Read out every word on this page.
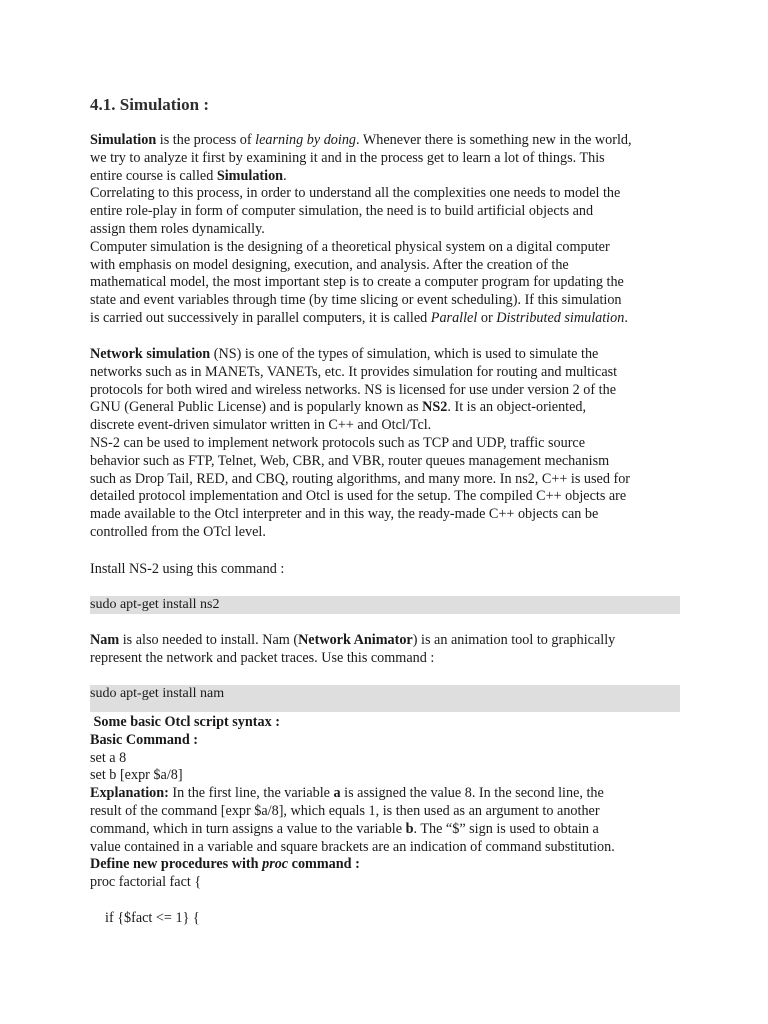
4.1. Simulation :
Simulation is the process of learning by doing. Whenever there is something new in the world,
we try to analyze it first by examining it and in the process get to learn a lot of things. This
entire course is called Simulation.
Correlating to this process, in order to understand all the complexities one needs to model the
entire role-play in form of computer simulation, the need is to build artificial objects and
assign them roles dynamically.
Computer simulation is the designing of a theoretical physical system on a digital computer
with emphasis on model designing, execution, and analysis. After the creation of the
mathematical model, the most important step is to create a computer program for updating the
state and event variables through time (by time slicing or event scheduling). If this simulation
is carried out successively in parallel computers, it is called Parallel or Distributed simulation.
Network simulation (NS) is one of the types of simulation, which is used to simulate the
networks such as in MANETs, VANETs, etc. It provides simulation for routing and multicast
protocols for both wired and wireless networks. NS is licensed for use under version 2 of the
GNU (General Public License) and is popularly known as NS2. It is an object-oriented,
discrete event-driven simulator written in C++ and Otcl/Tcl.
NS-2 can be used to implement network protocols such as TCP and UDP, traffic source
behavior such as FTP, Telnet, Web, CBR, and VBR, router queues management mechanism
such as Drop Tail, RED, and CBQ, routing algorithms, and many more. In ns2, C++ is used for
detailed protocol implementation and Otcl is used for the setup. The compiled C++ objects are
made available to the Otcl interpreter and in this way, the ready-made C++ objects can be
controlled from the OTcl level.
Install NS-2 using this command :
sudo apt-get install ns2
Nam is also needed to install. Nam (Network Animator) is an animation tool to graphically
represent the network and packet traces. Use this command :
sudo apt-get install nam
Some basic Otcl script syntax :
Basic Command :
set a 8
set b [expr $a/8]
Explanation: In the first line, the variable a is assigned the value 8. In the second line, the
result of the command [expr $a/8], which equals 1, is then used as an argument to another
command, which in turn assigns a value to the variable b. The “$” sign is used to obtain a
value contained in a variable and square brackets are an indication of command substitution.
Define new procedures with proc command :
proc factorial fact {

if {$fact <= 1} {
